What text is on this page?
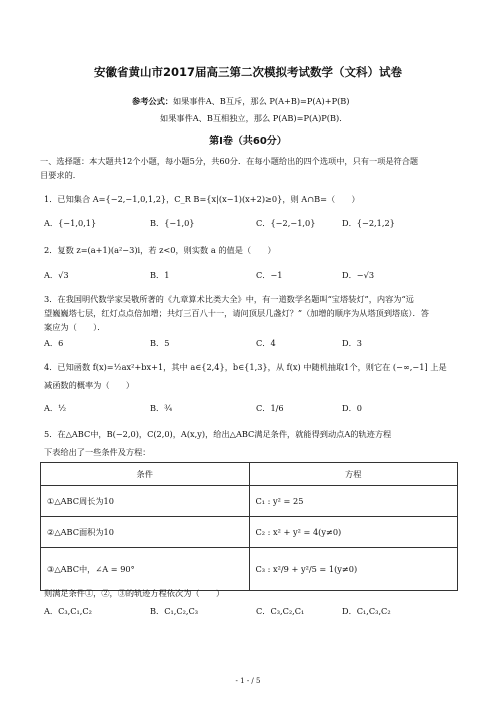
安徽省黄山市2017届高三第二次模拟考试数学（文科）试卷
参考公式：如果事件A、B互斥，那么 P(A+B)=P(A)+P(B)
如果事件A、B互相独立，那么 P(AB)=P(A)P(B)．
第Ⅰ卷（共60分）
一、选择题：本大题共12个小题，每小题5分，共60分．在每小题给出的四个选项中，只有一项是符合题
目要求的．
1．已知集合 A={−2,−1,0,1,2}，C_R B={x|(x−1)(x+2)≥0}，则 A∩B=（　　）
A．{−1,0,1}	B．{−1,0}	C．{−2,−1,0}	D．{−2,1,2}
2．复数 z=(a+1)(a²−3)i，若 z<0，则实数 a 的值是（　　）
A．√3	B．1	C．−1	D．−√3
3．在我国明代数学家吴敬所著的《九章算术比类大全》中，有一道数学名题叫“宝塔装灯”，内容为“远
望巍巍塔七层，红灯点点倍加增；共灯三百八十一，请问顶层几盏灯？”（加增的顺序为从塔顶到塔底）．答
案应为（　　）．
A．6	B．5	C．4	D．3
4．已知函数 f(x)=½ax²+bx+1，其中 a∈{2,4}，b∈{1,3}，从 f(x) 中随机抽取1个，则它在 (−∞,−1] 上是
减函数的概率为（　　）
A．½	B．¾	C．1/6	D．0
5．在△ABC中，B(−2,0)，C(2,0)，A(x,y)，给出△ABC满足条件，就能得到动点A的轨迹方程
下表给出了一些条件及方程：
条件	方程
①△ABC周长为10	C₁ : y² = 25
②△ABC面积为10	C₂ : x² + y² = 4(y≠0)
③△ABC中，∠A = 90°	C₃ : x²/9 + y²/5 = 1(y≠0)
则满足条件①，②，③的轨迹方程依次为（　　）
A．C₃,C₁,C₂	B．C₁,C₂,C₃	C．C₃,C₂,C₁	D．C₁,C₃,C₂
- 1 - / 5
